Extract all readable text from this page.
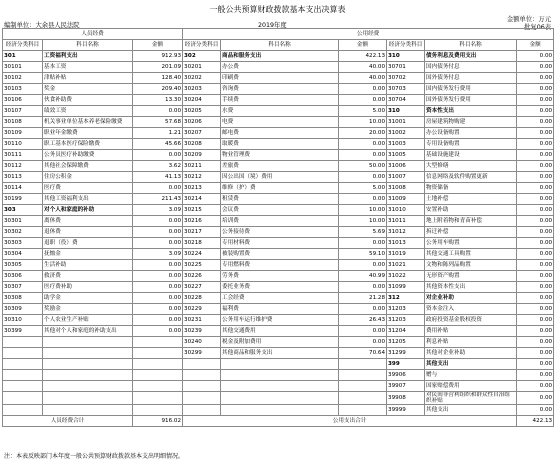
一般公共预算财政拨款基本支出决算表
金额单位：万元
编制单位：大余县人民法院	2019年度	批复06表
人员经费			公用经费					
经济分类科目	科目名称	金额	经济分类科目	科目名称	金额	经济分类科目	科目名称	金额
301	工资福利支出	912.93	302	商品和服务支出	422.13	310	债务利息及费用支出	0.00
30101	基本工资	201.09	30201	办公费	40.00	30701	国内债务付息	0.00
30102	津贴补贴	128.40	30202	印刷费	40.00	30702	国外债务付息	0.00
30103	奖金	209.40	30203	咨询费	0.00	30703	国内债务发行费用	0.00
30106	伙食补助费	13.30	30204	手续费	0.00	30704	国外债务发行费用	0.00
30107	绩效工资	0.00	30205	水费	5.00	310	资本性支出	0.00
30108	机关事业单位基本养老保险缴费	57.68	30206	电费	10.00	31001	房屋建筑物购建	0.00
30109	职业年金缴费	1.21	30207	邮电费	20.00	31002	办公设备购置	0.00
30110	职工基本医疗保险缴费	45.66	30208	取暖费	0.00	31003	专用设备购置	0.00
30111	公务员医疗补助缴费	0.00	30209	物业管理费	0.00	31005	基础设施建设	0.00
30112	其他社会保障缴费	3.62	30211	差旅费	50.00	31006	大型修缮	0.00
30113	住房公积金	41.13	30212	因公出国（境）费用	0.00	31007	信息网络及软件购置更新	0.00
30114	医疗费	0.00	30213	维修（护）费	5.00	31008	物资储备	0.00
30199	其他工资福利支出	211.43	30214	租赁费	0.00	31009	土地补偿	0.00
303	对个人和家庭的补助	3.09	30215	会议费	10.00	31010	安置补助	0.00
30301	离休费	0.00	30216	培训费	10.00	31011	地上附着物和青苗补偿	0.00
30302	退休费	0.00	30217	公务接待费	5.69	31012	拆迁补偿	0.00
30303	退职（役）费	0.00	30218	专用材料费	0.00	31013	公务用车购置	0.00
30304	抚恤金	3.09	30224	被装购置费	59.10	31019	其他交通工具购置	0.00
30305	生活补助	0.00	30225	专用燃料费	0.00	31021	文物和陈列品购置	0.00
30306	救济费	0.00	30226	劳务费	40.99	31022	无形资产购置	0.00
30307	医疗费补助	0.00	30227	委托业务费	0.00	31099	其他资本性支出	0.00
30308	助学金	0.00	30228	工会经费	21.28	312	对企业补助	0.00
30309	奖励金	0.00	30229	福利费	0.00	31203	资本金注入	0.00
30310	个人农业生产补贴	0.00	30231	公务用车运行维护费	26.43	31203	政府投资基金股权投资	0.00
30399	其他对个人和家庭的补助支出	0.00	30239	其他交通费用	0.00	31204	费用补贴	0.00
			30240	税金及附加费用	0.00	31205	利息补贴	0.00
			30299	其他商品和服务支出	70.64	31299	其他对企业补助	0.00
						399	其他支出	0.00
						39906	赠与	0.00
						39907	国家赔偿费用	0.00
						39908	对民间非营利组织和群众性自治组织补贴	0.00
						39999	其他支出	0.00
人员经费合计		916.02	公用支出合计					422.13
注：本表反映部门本年度一般公共预算财政拨款基本支出明细情况。
